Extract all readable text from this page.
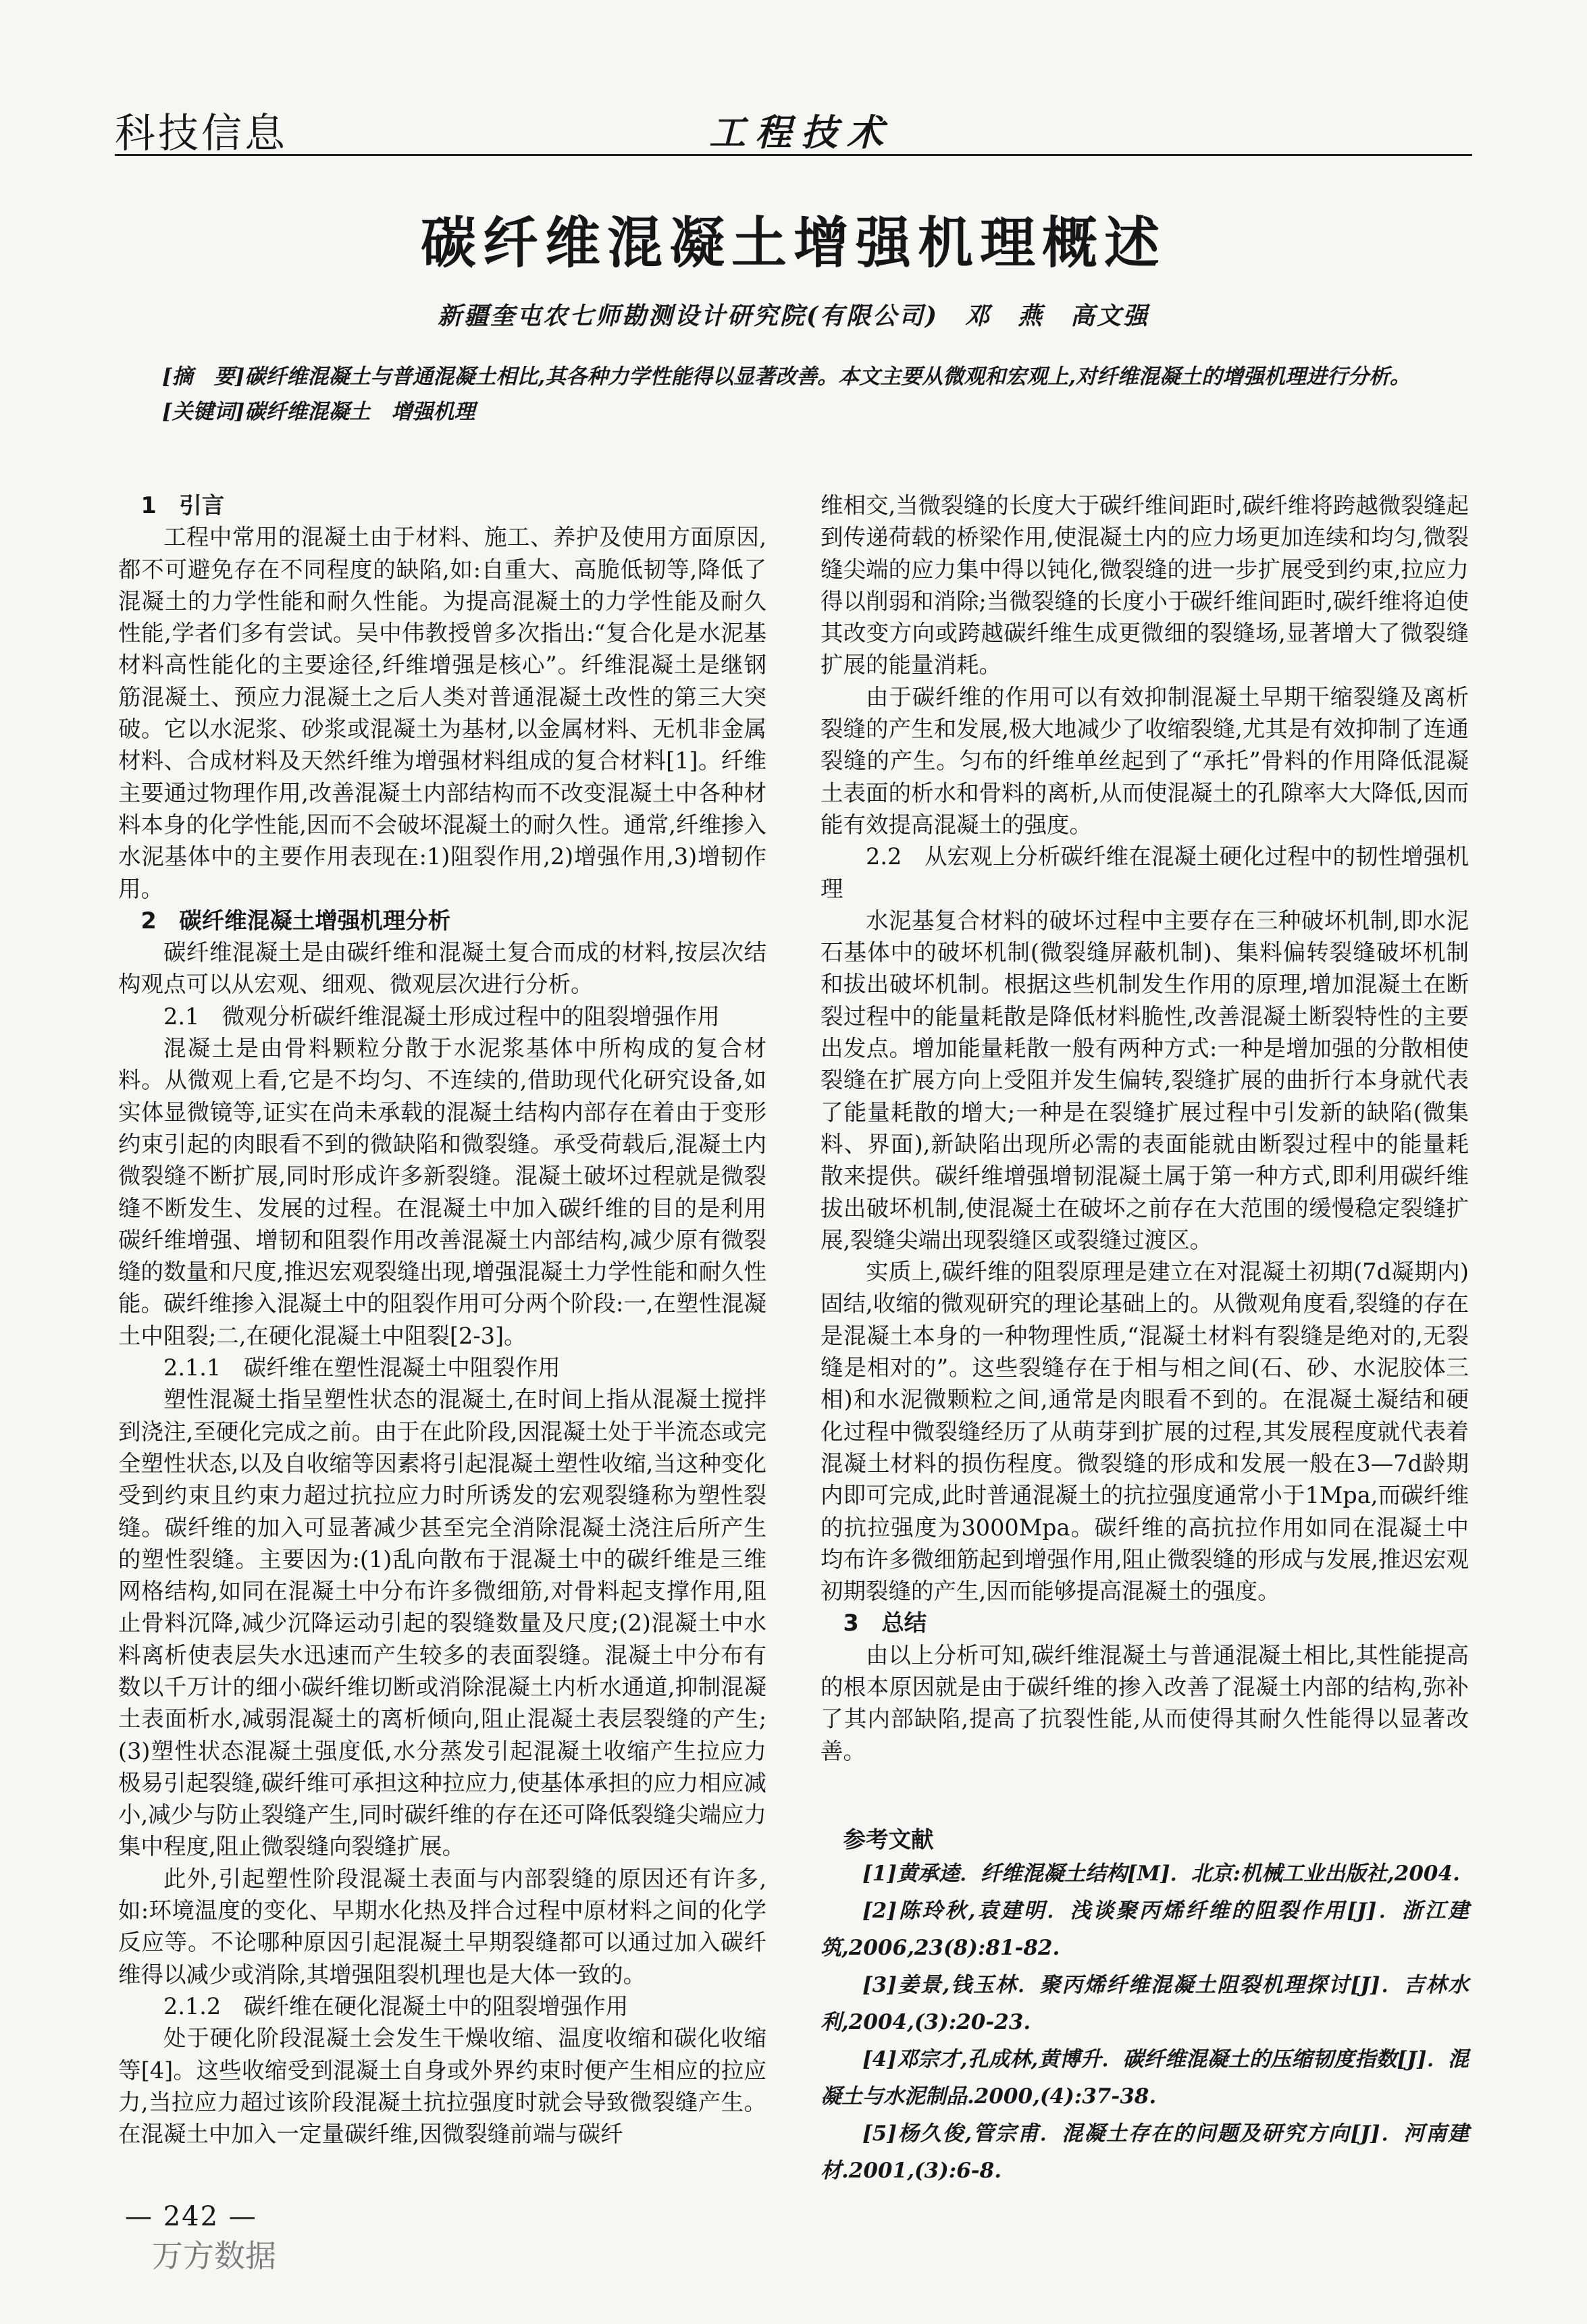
科技信息	工程技术
碳纤维混凝土增强机理概述
新疆奎屯农七师勘测设计研究院(有限公司)　邓　燕　高文强

[摘　要]碳纤维混凝土与普通混凝土相比,其各种力学性能得以显著改善。本文主要从微观和宏观上,对纤维混凝土的增强机理进行分析。

[关键词]碳纤维混凝土　增强机理

1　引言

工程中常用的混凝土由于材料、施工、养护及使用方面原因,都不可避免存在不同程度的缺陷,如:自重大、高脆低韧等,降低了混凝土的力学性能和耐久性能。为提高混凝土的力学性能及耐久性能,学者们多有尝试。吴中伟教授曾多次指出:“复合化是水泥基材料高性能化的主要途径,纤维增强是核心”。纤维混凝土是继钢筋混凝土、预应力混凝土之后人类对普通混凝土改性的第三大突破。它以水泥浆、砂浆或混凝土为基材,以金属材料、无机非金属材料、合成材料及天然纤维为增强材料组成的复合材料[1]。纤维主要通过物理作用,改善混凝土内部结构而不改变混凝土中各种材料本身的化学性能,因而不会破坏混凝土的耐久性。通常,纤维掺入水泥基体中的主要作用表现在:1)阻裂作用,2)增强作用,3)增韧作用。

2　碳纤维混凝土增强机理分析

碳纤维混凝土是由碳纤维和混凝土复合而成的材料,按层次结构观点可以从宏观、细观、微观层次进行分析。

2.1　微观分析碳纤维混凝土形成过程中的阻裂增强作用

混凝土是由骨料颗粒分散于水泥浆基体中所构成的复合材料。从微观上看,它是不均匀、不连续的,借助现代化研究设备,如实体显微镜等,证实在尚未承载的混凝土结构内部存在着由于变形约束引起的肉眼看不到的微缺陷和微裂缝。承受荷载后,混凝土内微裂缝不断扩展,同时形成许多新裂缝。混凝土破坏过程就是微裂缝不断发生、发展的过程。在混凝土中加入碳纤维的目的是利用碳纤维增强、增韧和阻裂作用改善混凝土内部结构,减少原有微裂缝的数量和尺度,推迟宏观裂缝出现,增强混凝土力学性能和耐久性能。碳纤维掺入混凝土中的阻裂作用可分两个阶段:一,在塑性混凝土中阻裂;二,在硬化混凝土中阻裂[2-3]。

2.1.1　碳纤维在塑性混凝土中阻裂作用

塑性混凝土指呈塑性状态的混凝土,在时间上指从混凝土搅拌到浇注,至硬化完成之前。由于在此阶段,因混凝土处于半流态或完全塑性状态,以及自收缩等因素将引起混凝土塑性收缩,当这种变化受到约束且约束力超过抗拉应力时所诱发的宏观裂缝称为塑性裂缝。碳纤维的加入可显著减少甚至完全消除混凝土浇注后所产生的塑性裂缝。主要因为:(1)乱向散布于混凝土中的碳纤维是三维网格结构,如同在混凝土中分布许多微细筋,对骨料起支撑作用,阻止骨料沉降,减少沉降运动引起的裂缝数量及尺度;(2)混凝土中水料离析使表层失水迅速而产生较多的表面裂缝。混凝土中分布有数以千万计的细小碳纤维切断或消除混凝土内析水通道,抑制混凝土表面析水,减弱混凝土的离析倾向,阻止混凝土表层裂缝的产生;(3)塑性状态混凝土强度低,水分蒸发引起混凝土收缩产生拉应力极易引起裂缝,碳纤维可承担这种拉应力,使基体承担的应力相应减小,减少与防止裂缝产生,同时碳纤维的存在还可降低裂缝尖端应力集中程度,阻止微裂缝向裂缝扩展。

此外,引起塑性阶段混凝土表面与内部裂缝的原因还有许多,如:环境温度的变化、早期水化热及拌合过程中原材料之间的化学反应等。不论哪种原因引起混凝土早期裂缝都可以通过加入碳纤维得以减少或消除,其增强阻裂机理也是大体一致的。

2.1.2　碳纤维在硬化混凝土中的阻裂增强作用

处于硬化阶段混凝土会发生干燥收缩、温度收缩和碳化收缩等[4]。这些收缩受到混凝土自身或外界约束时便产生相应的拉应力,当拉应力超过该阶段混凝土抗拉强度时就会导致微裂缝产生。在混凝土中加入一定量碳纤维,因微裂缝前端与碳纤

维相交,当微裂缝的长度大于碳纤维间距时,碳纤维将跨越微裂缝起到传递荷载的桥梁作用,使混凝土内的应力场更加连续和均匀,微裂缝尖端的应力集中得以钝化,微裂缝的进一步扩展受到约束,拉应力得以削弱和消除;当微裂缝的长度小于碳纤维间距时,碳纤维将迫使其改变方向或跨越碳纤维生成更微细的裂缝场,显著增大了微裂缝扩展的能量消耗。

由于碳纤维的作用可以有效抑制混凝土早期干缩裂缝及离析裂缝的产生和发展,极大地减少了收缩裂缝,尤其是有效抑制了连通裂缝的产生。匀布的纤维单丝起到了“承托”骨料的作用降低混凝土表面的析水和骨料的离析,从而使混凝土的孔隙率大大降低,因而能有效提高混凝土的强度。

2.2　从宏观上分析碳纤维在混凝土硬化过程中的韧性增强机理

水泥基复合材料的破坏过程中主要存在三种破坏机制,即水泥石基体中的破坏机制(微裂缝屏蔽机制)、集料偏转裂缝破坏机制和拔出破坏机制。根据这些机制发生作用的原理,增加混凝土在断裂过程中的能量耗散是降低材料脆性,改善混凝土断裂特性的主要出发点。增加能量耗散一般有两种方式:一种是增加强的分散相使裂缝在扩展方向上受阻并发生偏转,裂缝扩展的曲折行本身就代表了能量耗散的增大;一种是在裂缝扩展过程中引发新的缺陷(微集料、界面),新缺陷出现所必需的表面能就由断裂过程中的能量耗散来提供。碳纤维增强增韧混凝土属于第一种方式,即利用碳纤维拔出破坏机制,使混凝土在破坏之前存在大范围的缓慢稳定裂缝扩展,裂缝尖端出现裂缝区或裂缝过渡区。

实质上,碳纤维的阻裂原理是建立在对混凝土初期(7d凝期内)固结,收缩的微观研究的理论基础上的。从微观角度看,裂缝的存在是混凝土本身的一种物理性质,“混凝土材料有裂缝是绝对的,无裂缝是相对的”。这些裂缝存在于相与相之间(石、砂、水泥胶体三相)和水泥微颗粒之间,通常是肉眼看不到的。在混凝土凝结和硬化过程中微裂缝经历了从萌芽到扩展的过程,其发展程度就代表着混凝土材料的损伤程度。微裂缝的形成和发展一般在3—7d龄期内即可完成,此时普通混凝土的抗拉强度通常小于1Mpa,而碳纤维的抗拉强度为3000Mpa。碳纤维的高抗拉作用如同在混凝土中均布许多微细筋起到增强作用,阻止微裂缝的形成与发展,推迟宏观初期裂缝的产生,因而能够提高混凝土的强度。

3　总结

由以上分析可知,碳纤维混凝土与普通混凝土相比,其性能提高的根本原因就是由于碳纤维的掺入改善了混凝土内部的结构,弥补了其内部缺陷,提高了抗裂性能,从而使得其耐久性能得以显著改善。

参考文献
[1]黄承逵．纤维混凝土结构[M]．北京:机械工业出版社,2004.
[2]陈玲秋,袁建明．浅谈聚丙烯纤维的阻裂作用[J]．浙江建筑,2006,23(8):81-82.
[3]姜景,钱玉林．聚丙烯纤维混凝土阻裂机理探讨[J]．吉林水利,2004,(3):20-23.
[4]邓宗才,孔成林,黄博升．碳纤维混凝土的压缩韧度指数[J]．混凝土与水泥制品.2000,(4):37-38.
[5]杨久俊,管宗甫．混凝土存在的问题及研究方向[J]．河南建材.2001,(3):6-8.
— 242 —
万方数据
